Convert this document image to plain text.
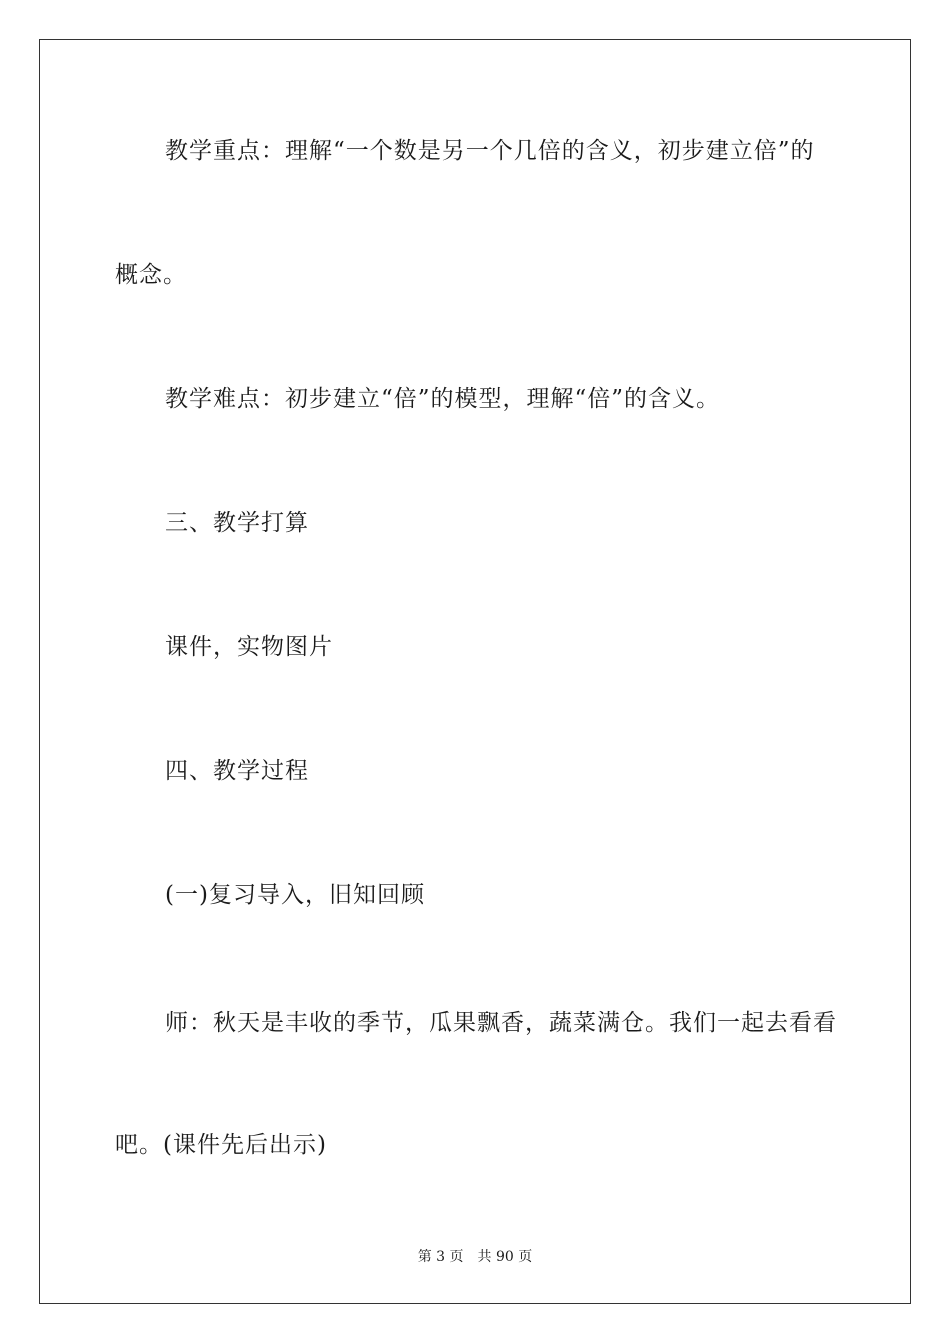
教学重点：理解“一个数是另一个几倍的含义，初步建立倍”的
概念。
教学难点：初步建立“倍”的模型，理解“倍”的含义。
三、教学打算
课件，实物图片
四、教学过程
(一)复习导入，旧知回顾
师：秋天是丰收的季节，瓜果飘香，蔬菜满仓。我们一起去看看
吧。(课件先后出示)
第 3 页 共 90 页
